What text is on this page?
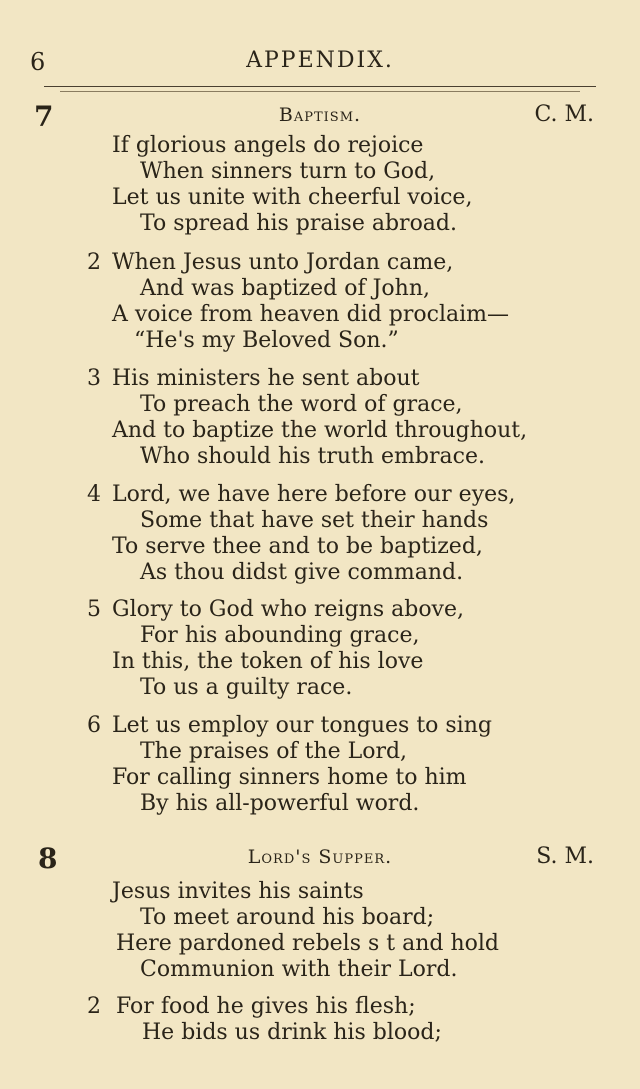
6	APPENDIX.
7	Baptism.	C. M.
If glorious angels do rejoice
When sinners turn to God,
Let us unite with cheerful voice,
To spread his praise abroad.
2 When Jesus unto Jordan came,
And was baptized of John,
A voice from heaven did proclaim—
“He's my Beloved Son.”
3 His ministers he sent about
To preach the word of grace,
And to baptize the world throughout,
Who should his truth embrace.
4 Lord, we have here before our eyes,
Some that have set their hands
To serve thee and to be baptized,
As thou didst give command.
5 Glory to God who reigns above,
For his abounding grace,
In this, the token of his love
To us a guilty race.
6 Let us employ our tongues to sing
The praises of the Lord,
For calling sinners home to him
By his all-powerful word.
8	Lord's Supper.	S. M.
Jesus invites his saints
To meet around his board;
Here pardoned rebels s t and hold
Communion with their Lord.
2 For food he gives his flesh;
He bids us drink his blood;
